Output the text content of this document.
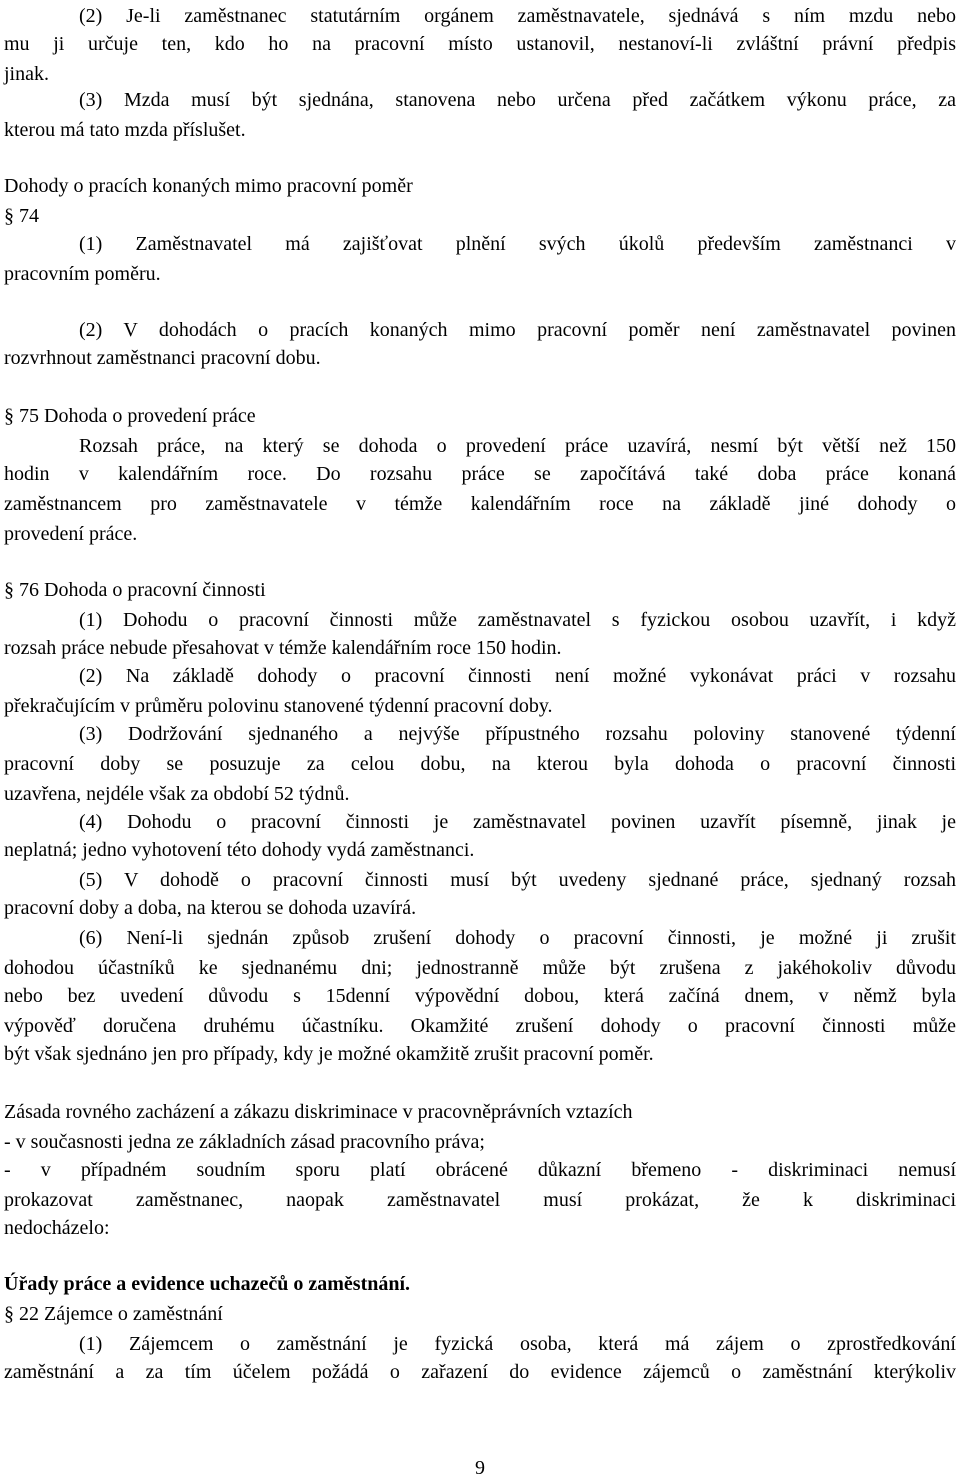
(2) Je-li zaměstnanec statutárním orgánem zaměstnavatele, sjednává s ním mzdu nebo
mu ji určuje ten, kdo ho na pracovní místo ustanovil, nestanoví-li zvláštní právní předpis
jinak.
(3) Mzda musí být sjednána, stanovena nebo určena před začátkem výkonu práce, za
kterou má tato mzda příslušet.
Dohody o pracích konaných mimo pracovní poměr
§ 74
(1) Zaměstnavatel má zajišťovat plnění svých úkolů především zaměstnanci v
pracovním poměru.
(2) V dohodách o pracích konaných mimo pracovní poměr není zaměstnavatel povinen
rozvrhnout zaměstnanci pracovní dobu.
§ 75 Dohoda o provedení práce
Rozsah práce, na který se dohoda o provedení práce uzavírá, nesmí být větší než 150
hodin v kalendářním roce. Do rozsahu práce se započítává také doba práce konaná
zaměstnancem pro zaměstnavatele v témže kalendářním roce na základě jiné dohody o
provedení práce.
§ 76 Dohoda o pracovní činnosti
(1) Dohodu o pracovní činnosti může zaměstnavatel s fyzickou osobou uzavřít, i když
rozsah práce nebude přesahovat v témže kalendářním roce 150 hodin.
(2) Na základě dohody o pracovní činnosti není možné vykonávat práci v rozsahu
překračujícím v průměru polovinu stanovené týdenní pracovní doby.
(3) Dodržování sjednaného a nejvýše přípustného rozsahu poloviny stanovené týdenní
pracovní doby se posuzuje za celou dobu, na kterou byla dohoda o pracovní činnosti
uzavřena, nejdéle však za období 52 týdnů.
(4) Dohodu o pracovní činnosti je zaměstnavatel povinen uzavřít písemně, jinak je
neplatná; jedno vyhotovení této dohody vydá zaměstnanci.
(5) V dohodě o pracovní činnosti musí být uvedeny sjednané práce, sjednaný rozsah
pracovní doby a doba, na kterou se dohoda uzavírá.
(6) Není-li sjednán způsob zrušení dohody o pracovní činnosti, je možné ji zrušit
dohodou účastníků ke sjednanému dni; jednostranně může být zrušena z jakéhokoliv důvodu
nebo bez uvedení důvodu s 15denní výpovědní dobou, která začíná dnem, v němž byla
výpověď doručena druhému účastníku. Okamžité zrušení dohody o pracovní činnosti může
být však sjednáno jen pro případy, kdy je možné okamžitě zrušit pracovní poměr.
Zásada rovného zacházení a zákazu diskriminace v pracovněprávních vztazích
- v současnosti jedna ze základních zásad pracovního práva;
- v případném soudním sporu platí obrácené důkazní břemeno - diskriminaci nemusí
prokazovat zaměstnanec, naopak zaměstnavatel musí prokázat, že k diskriminaci
nedocházelo:
Úřady práce a evidence uchazečů o zaměstnání.
§ 22 Zájemce o zaměstnání
(1) Zájemcem o zaměstnání je fyzická osoba, která má zájem o zprostředkování
zaměstnání a za tím účelem požádá o zařazení do evidence zájemců o zaměstnání kterýkoliv
9
